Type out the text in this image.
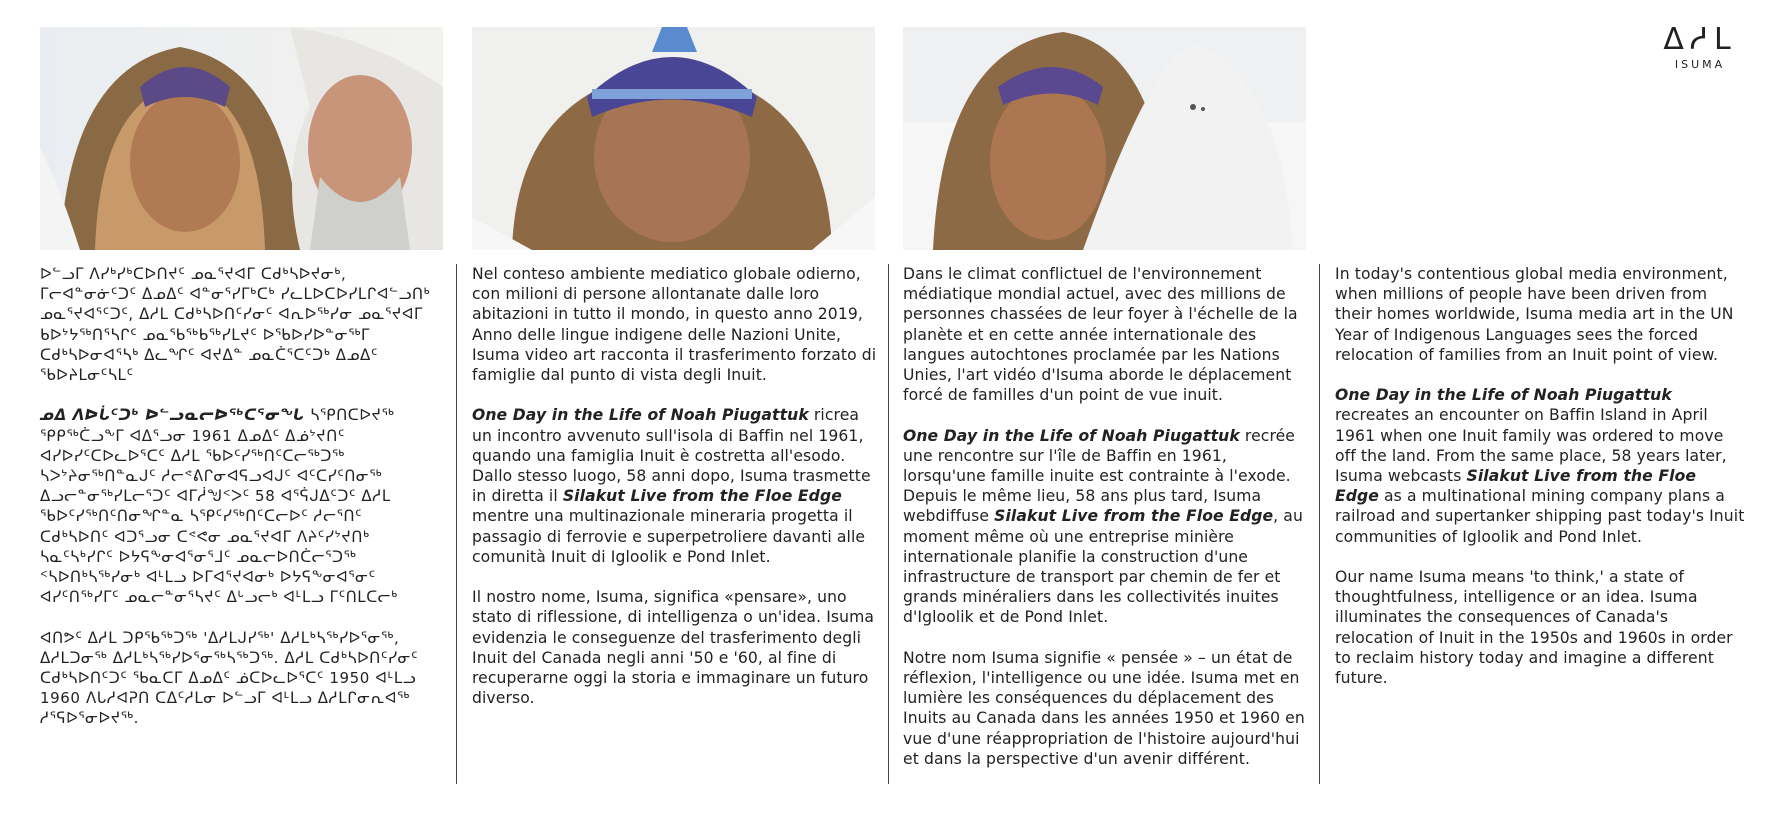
ᐃᓱᒪ
ISUMA

ᐅᓪᓗᒥ ᐱᓯᒃᓯᒃᑕᐅᑎᔪᑦ ᓄᓇᕐᔪᐊᒥ ᑕᑯᒃᓴᐅᔪᓂᒃ, ᒥᓕᐊᓐᓂᓃᑦᑐᑦ ᐃᓄᐃᑦ ᐊᓐᓂᕐᓯᒥᒃᑕᒃ ᓯᓚᒪᐅᑕᐅᓯᒪᒋᐊᓪᓗᑎᒃ ᓄᓇᕐᔪᐊᕐᑦᑐᑦ, ᐃᓱᒪ ᑕᑯᒃᓴᐅᑎᑦᓯᓂᑦ ᐊᕆᐅᖅᓯᓂ ᓄᓇᕐᔪᐊᒥ ᑲᐅᔾᔭᖅᑎᕐᓴᒋᑦ ᓄᓇᖃᖅᑲᖅᓯᒪᔪᑦ ᐅᖃᐅᓯᐅᓐᓂᖅᒥ ᑕᑯᒃᓴᐅᓂᐊᕐᓴᒃ ᐃᓚᖏᑦ ᐊᔪᐃᓐ ᓄᓇᑖᕐᑕᑦᑐᒃ ᐃᓄᐃᑦ ᖃᐅᔨᒪᓂᑦᓴᒪᑦ

ᓄᐃ ᐱᐅᒑᑦᑐᒃ ᐅᓪᓗᓇᓕᐅᖅᑕᕐᓂᖓ ᓴᕿᑎᑕᐅᔪᖅ ᕿᑭᖅᑖᓗᖕᒥ ᐊᐃᕐᓗᓂ 1961 ᐃᓄᐃᑦ ᐃᓅᔾᔪᑎᑦ ᐊᓯᐅᓯᑦᑕᐅᓚᐅᕐᑕᑦ ᐃᓱᒪ ᖃᐅᑦᓯᖅᑎᑦᑕᓕᖅᑐᖅ ᓴᐳᔾᔨᓂᖅᑎᓐᓇᒍᑦ ᓱᓕᕝᕕᒋᓂᐊᕋᓗᐊᒍᑦ ᐊᑦᑕᓯᑦᑎᓂᖅ ᐃᓗᓕᓐᓂᖅᓯᒪᓕᕐᑐᑦ ᐊᒥᓲᖑᑉᐳᑦ 58 ᐊᕐᕌᒍᐃᑦᑐᑦ ᐃᓱᒪ ᖃᐅᑦᓯᖅᑎᑦᑎᓂᖏᓐᓇ ᓴᕿᑦᓯᖅᑎᑦᑕᓕᐅᑦ ᓱᓕᕐᑎᑦ ᑕᑯᒃᓴᐅᑎᑦ ᐊᑐᕐᓗᓂ ᑕᕝᕙᓂ ᓄᓇᕐᔪᐊᒥ ᐱᔨᑦᓯᔾᔪᑎᒃ ᓴᓇᑦᓴᒃᓯᒋᑦ ᐅᔭᕋᖕᓂᐊᕐᓂᕐᒧᑦ ᓄᓇᓕᐅᑎᑖᓕᕐᑐᖅ ᑉᓴᐅᑎᒃᓴᖅᓯᓂᒃ ᐊᒻᒪᓗ ᐅᒥᐊᕐᔪᐊᓂᒃ ᐅᔭᕋᖕᓂᐊᕐᓂᑦ ᐊᓯᑦᑎᖅᓯᒥᑦ ᓄᓇᓕᓐᓂᕐᓴᔪᑦ ᐃᒡᓗᓕᒃ ᐊᒻᒪᓗ ᒥᑦᑎᒪᑕᓕᒃ

ᐊᑎᕗᑦ ᐃᓱᒪ ᑐᑭᖃᖅᑐᖅ 'ᐃᓱᒪᒍᓯᖅ' ᐃᓱᒪᒃᓴᖅᓯᐅᕐᓂᖅ, ᐃᓱᒪᑐᓂᖅ ᐃᓱᒪᒃᓴᖅᓯᐅᕐᓂᖅᓴᖅᑐᖅ. ᐃᓱᒪ ᑕᑯᒃᓴᐅᑎᑦᓯᓂᑦ ᑕᑯᒃᓴᐅᑎᑦᑐᑦ ᖃᓇᑕᒥ ᐃᓄᐃᑦ ᓅᑕᐅᓚᐅᕐᑕᑦ 1950 ᐊᒻᒪᓗ 1960 ᐱᒐᓱᐊᕈᑎ ᑕᐃᑦᓱᒪᓂ ᐅᓪᓗᒥ ᐊᒻᒪᓗ ᐃᓱᒪᒋᓂᕆᐊᖅ ᓱᕐᕋᐅᕐᓂᐅᔪᖅ.

Nel conteso ambiente mediatico globale odierno, con milioni di persone allontanate dalle loro abitazioni in tutto il mondo, in questo anno 2019, Anno delle lingue indigene delle Nazioni Unite, Isuma video art racconta il trasferimento forzato di famiglie dal punto di vista degli Inuit.

One Day in the Life of Noah Piugattuk ricrea un incontro avvenuto sull'isola di Baffin nel 1961, quando una famiglia Inuit è costretta all'esodo. Dallo stesso luogo, 58 anni dopo, Isuma trasmette in diretta il Silakut Live from the Floe Edge mentre una multinazionale mineraria progetta il passagio di ferrovie e superpetroliere davanti alle comunità Inuit di Igloolik e Pond Inlet.

Il nostro nome, Isuma, significa «pensare», uno stato di riflessione, di intelligenza o un'idea. Isuma evidenzia le conseguenze del trasferimento degli Inuit del Canada negli anni '50 e '60, al fine di recuperarne oggi la storia e immaginare un futuro diverso.

Dans le climat conflictuel de l'environnement médiatique mondial actuel, avec des millions de personnes chassées de leur foyer à l'échelle de la planète et en cette année internationale des langues autochtones proclamée par les Nations Unies, l'art vidéo d'Isuma aborde le déplacement forcé de familles d'un point de vue inuit.

One Day in the Life of Noah Piugattuk recrée une rencontre sur l'île de Baffin en 1961, lorsqu'une famille inuite est contrainte à l'exode. Depuis le même lieu, 58 ans plus tard, Isuma webdiffuse Silakut Live from the Floe Edge, au moment même où une entreprise minière internationale planifie la construction d'une infrastructure de transport par chemin de fer et grands minéraliers dans les collectivités inuites d'Igloolik et de Pond Inlet.

Notre nom Isuma signifie « pensée » – un état de réflexion, l'intelligence ou une idée. Isuma met en lumière les conséquences du déplacement des Inuits au Canada dans les années 1950 et 1960 en vue d'une réappropriation de l'histoire aujourd'hui et dans la perspective d'un avenir différent.

In today's contentious global media environment, when millions of people have been driven from their homes worldwide, Isuma media art in the UN Year of Indigenous Languages sees the forced relocation of families from an Inuit point of view.

One Day in the Life of Noah Piugattuk recreates an encounter on Baffin Island in April 1961 when one Inuit family was ordered to move off the land. From the same place, 58 years later, Isuma webcasts Silakut Live from the Floe Edge as a multinational mining company plans a railroad and supertanker shipping past today's Inuit communities of Igloolik and Pond Inlet.

Our name Isuma means 'to think,' a state of thoughtfulness, intelligence or an idea. Isuma illuminates the consequences of Canada's relocation of Inuit in the 1950s and 1960s in order to reclaim history today and imagine a different future.
